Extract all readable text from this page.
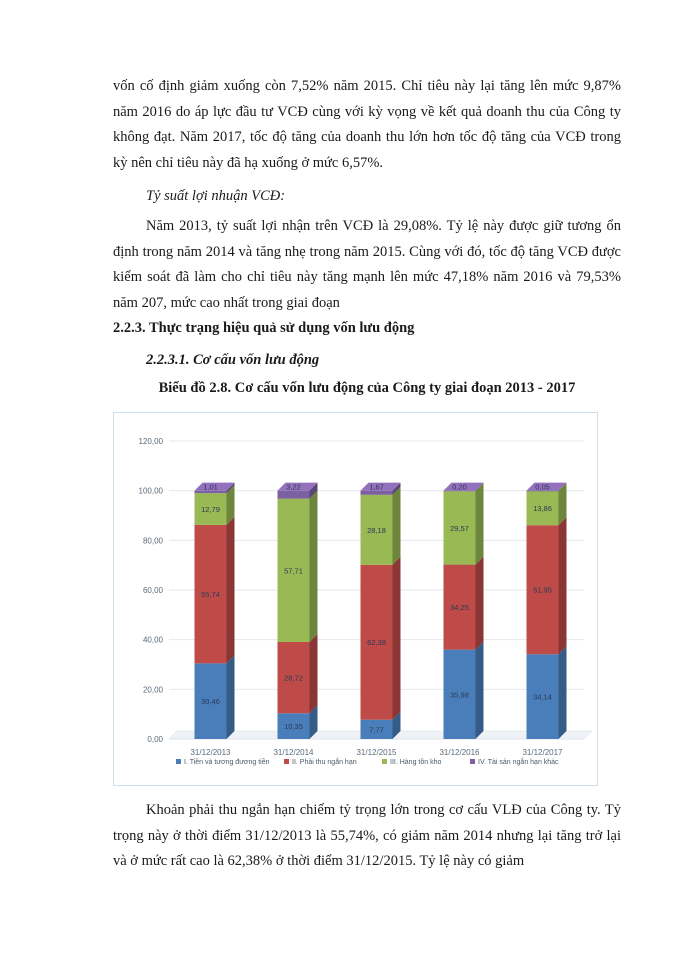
vốn cố định giảm xuống còn 7,52% năm 2015. Chỉ tiêu này lại tăng lên mức 9,87% năm 2016 do áp lực đầu tư VCĐ cùng với kỳ vọng về kết quả doanh thu của Công ty không đạt. Năm 2017, tốc độ tăng của doanh thu lớn hơn tốc độ tăng của VCĐ trong kỳ nên chỉ tiêu này đã hạ xuống ở mức 6,57%.

Tỷ suất lợi nhuận VCĐ:

Năm 2013, tỷ suất lợi nhận trên VCĐ là 29,08%. Tỷ lệ này được giữ tương ổn định trong năm 2014 và tăng nhẹ trong năm 2015. Cùng với đó, tốc độ tăng VCĐ được kiểm soát đã làm cho chỉ tiêu này tăng mạnh lên mức 47,18% năm 2016 và 79,53% năm 207, mức cao nhất trong giai đoạn

2.2.3. Thực trạng hiệu quả sử dụng vốn lưu động

2.2.3.1. Cơ cấu vốn lưu động

Biểu đồ 2.8. Cơ cấu vốn lưu động của Công ty giai đoạn 2013 - 2017

0,00
20,00
40,00
60,00
80,00
100,00
120,00
30,46
55,74
12,79
1,01
31/12/2013
10,35
28,72
57,71
3,22
31/12/2014
7,77
62,38
28,18
1,67
31/12/2015
35,98
34,25
29,57
0,20
31/12/2016
34,14
51,95
13,86
0,05
31/12/2017
I. Tiền và tương đương tiền	II. Phải thu ngắn hạn	III. Hàng tồn kho	IV. Tài sản ngắn hạn khác

Khoản phải thu ngắn hạn chiếm tỷ trọng lớn trong cơ cấu VLĐ của Công ty. Tỷ trọng này ở thời điểm 31/12/2013 là 55,74%, có giảm năm 2014 nhưng lại tăng trở lại và ở mức rất cao là 62,38% ở thời điểm 31/12/2015. Tỷ lệ này có giảm
